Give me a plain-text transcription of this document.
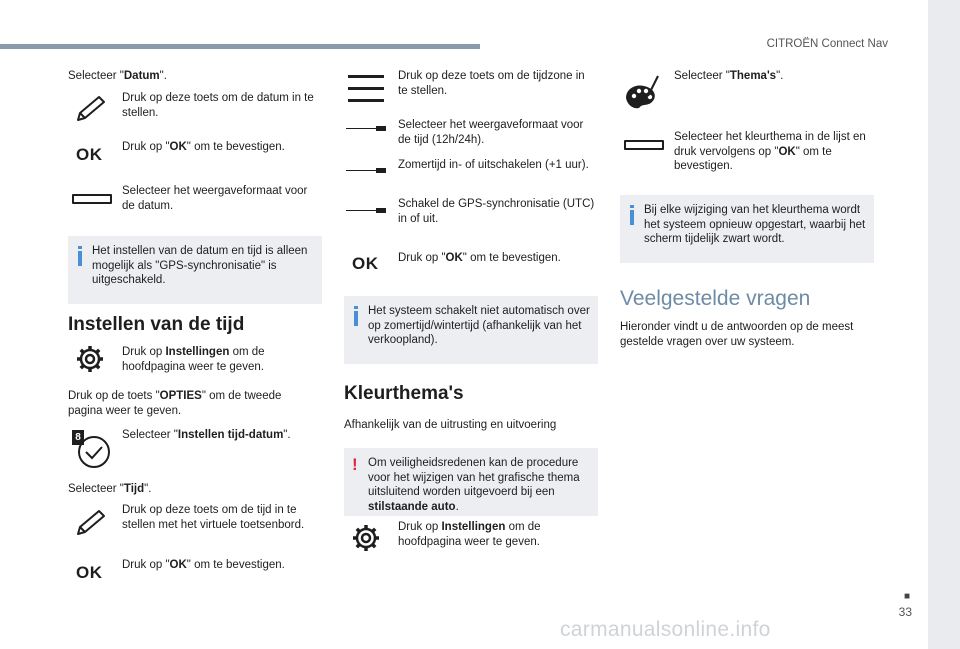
CITROËN Connect Nav
■
33
carmanualsonline.info
Selecteer "Datum".
Druk op deze toets om de datum in te stellen.
OK Druk op "OK" om te bevestigen.
Selecteer het weergaveformaat voor de datum.
Het instellen van de datum en tijd is alleen mogelijk als "GPS-synchronisatie" is uitgeschakeld.
Instellen van de tijd
Druk op Instellingen om de hoofdpagina weer te geven.
Druk op de toets "OPTIES" om de tweede pagina weer te geven.
8	Selecteer "Instellen tijd-datum".
Selecteer "Tijd".
Druk op deze toets om de tijd in te stellen met het virtuele toetsenbord.
OK Druk op "OK" om te bevestigen.
Druk op deze toets om de tijdzone in te stellen.
Selecteer het weergaveformaat voor de tijd (12h/24h).
Zomertijd in- of uitschakelen (+1 uur).
Schakel de GPS-synchronisatie (UTC) in of uit.
OK Druk op "OK" om te bevestigen.
Het systeem schakelt niet automatisch over op zomertijd/wintertijd (afhankelijk van het verkoopland).
Kleurthema's
Afhankelijk van de uitrusting en uitvoering
! Om veiligheidsredenen kan de procedure voor het wijzigen van het grafische thema uitsluitend worden uitgevoerd bij een stilstaande auto.
Druk op Instellingen om de hoofdpagina weer te geven.
Selecteer "Thema's".
Selecteer het kleurthema in de lijst en druk vervolgens op "OK" om te bevestigen.
Bij elke wijziging van het kleurthema wordt het systeem opnieuw opgestart, waarbij het scherm tijdelijk zwart wordt.
Veelgestelde vragen
Hieronder vindt u de antwoorden op de meest gestelde vragen over uw systeem.
